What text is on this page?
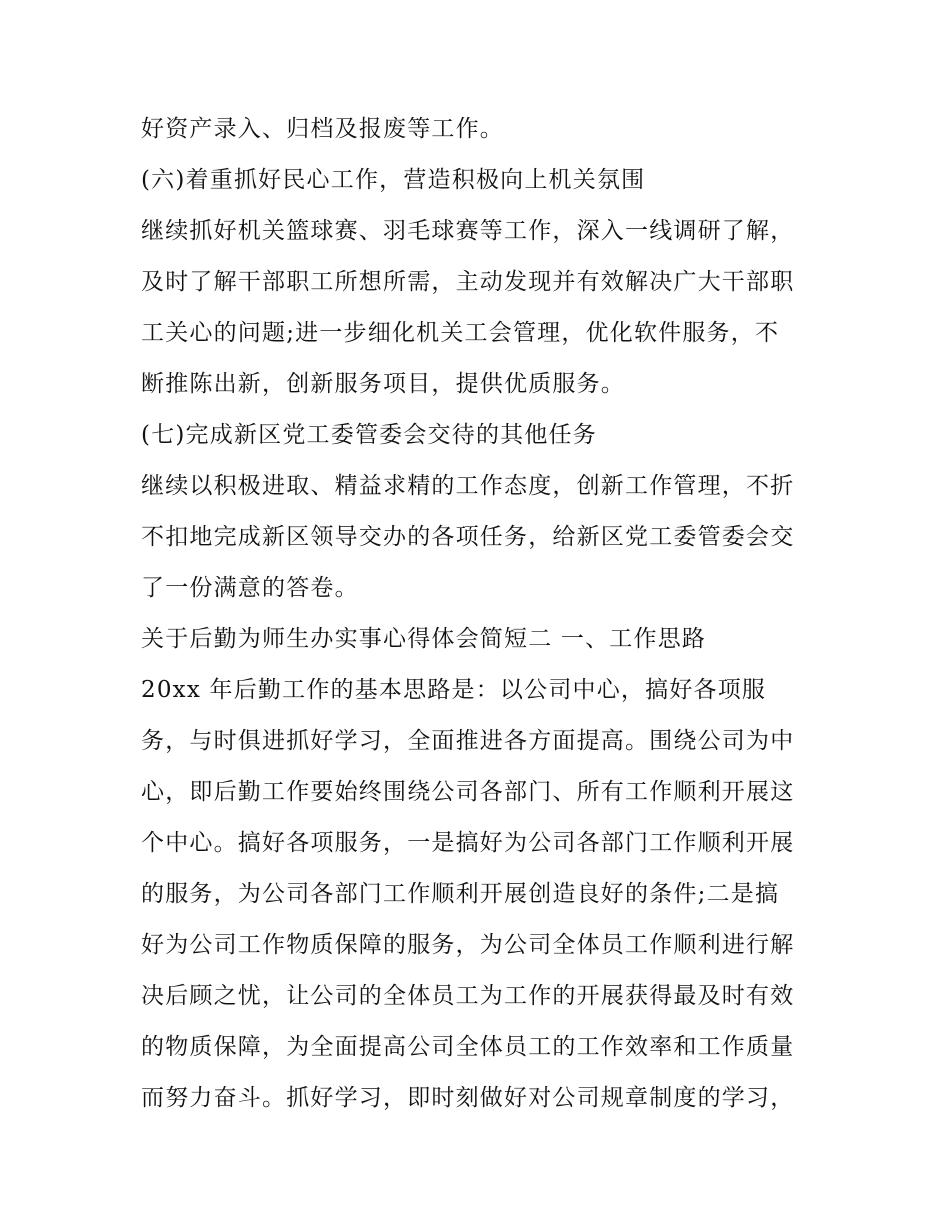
好资产录入、归档及报废等工作。
(六)着重抓好民心工作，营造积极向上机关氛围
继续抓好机关篮球赛、羽毛球赛等工作，深入一线调研了解，
及时了解干部职工所想所需，主动发现并有效解决广大干部职
工关心的问题;进一步细化机关工会管理，优化软件服务，不
断推陈出新，创新服务项目，提供优质服务。
(七)完成新区党工委管委会交待的其他任务
继续以积极进取、精益求精的工作态度，创新工作管理，不折
不扣地完成新区领导交办的各项任务，给新区党工委管委会交
了一份满意的答卷。
关于后勤为师生办实事心得体会简短二 一、工作思路
20xx 年后勤工作的基本思路是：以公司中心，搞好各项服
务，与时俱进抓好学习，全面推进各方面提高。围绕公司为中
心，即后勤工作要始终围绕公司各部门、所有工作顺利开展这
个中心。搞好各项服务，一是搞好为公司各部门工作顺利开展
的服务，为公司各部门工作顺利开展创造良好的条件;二是搞
好为公司工作物质保障的服务，为公司全体员工作顺利进行解
决后顾之忧，让公司的全体员工为工作的开展获得最及时有效
的物质保障，为全面提高公司全体员工的工作效率和工作质量
而努力奋斗。抓好学习，即时刻做好对公司规章制度的学习，
